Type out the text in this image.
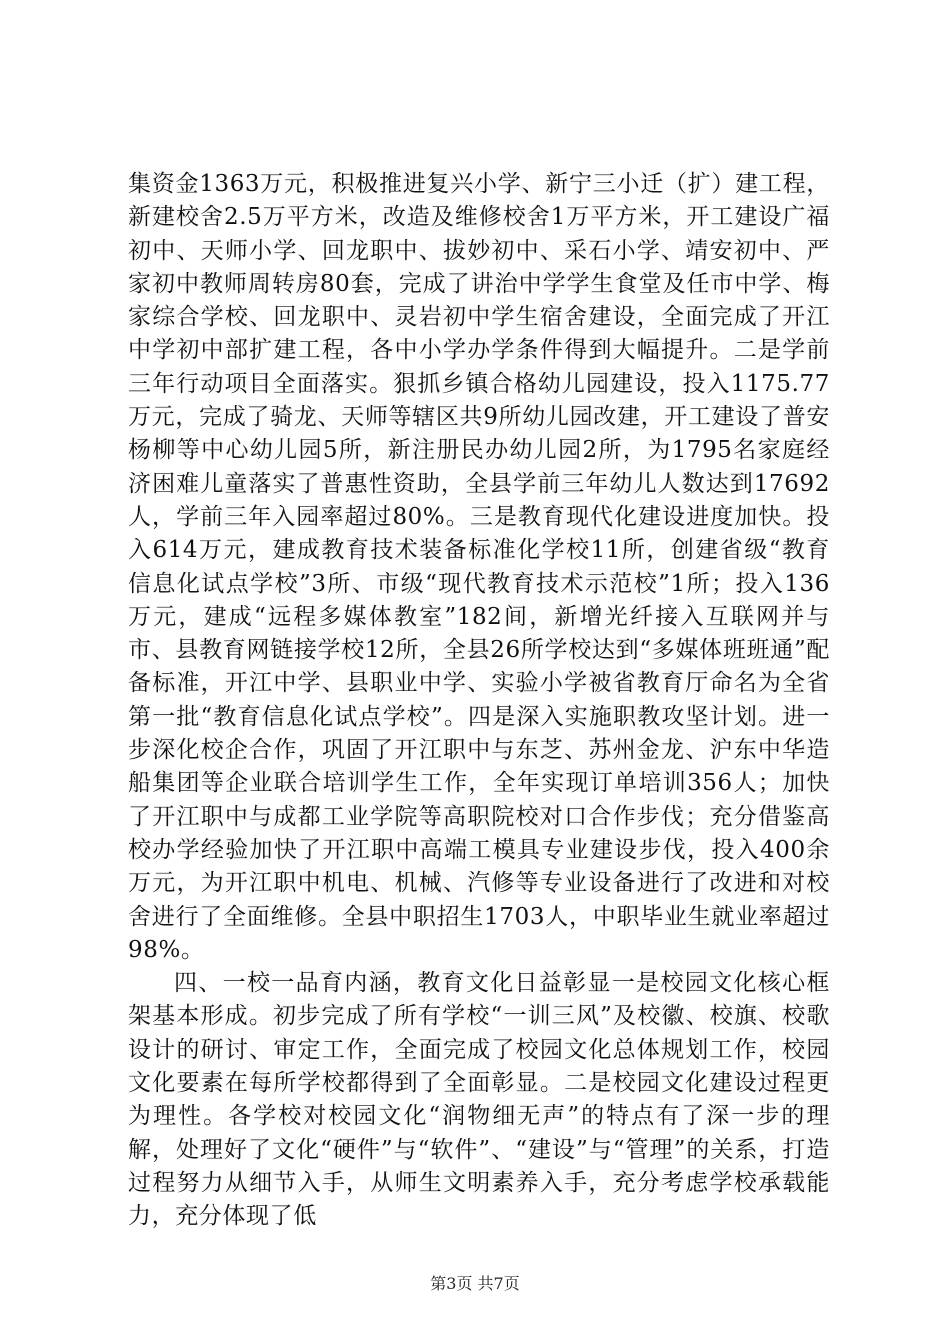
集资金1363万元，积极推进复兴小学、新宁三小迁（扩）建工程，新建校舍2.5万平方米，改造及维修校舍1万平方米，开工建设广福初中、天师小学、回龙职中、拔妙初中、采石小学、靖安初中、严家初中教师周转房80套，完成了讲治中学学生食堂及任市中学、梅家综合学校、回龙职中、灵岩初中学生宿舍建设，全面完成了开江中学初中部扩建工程，各中小学办学条件得到大幅提升。二是学前三年行动项目全面落实。狠抓乡镇合格幼儿园建设，投入1175.77万元，完成了骑龙、天师等辖区共9所幼儿园改建，开工建设了普安杨柳等中心幼儿园5所，新注册民办幼儿园2所，为1795名家庭经济困难儿童落实了普惠性资助，全县学前三年幼儿人数达到17692人，学前三年入园率超过80%。三是教育现代化建设进度加快。投入614万元，建成教育技术装备标准化学校11所，创建省级“教育信息化试点学校”3所、市级“现代教育技术示范校”1所；投入136万元，建成“远程多媒体教室”182间，新增光纤接入互联网并与市、县教育网链接学校12所，全县26所学校达到“多媒体班班通”配备标准，开江中学、县职业中学、实验小学被省教育厅命名为全省第一批“教育信息化试点学校”。四是深入实施职教攻坚计划。进一步深化校企合作，巩固了开江职中与东芝、苏州金龙、沪东中华造船集团等企业联合培训学生工作，全年实现订单培训356人；加快了开江职中与成都工业学院等高职院校对口合作步伐；充分借鉴高校办学经验加快了开江职中高端工模具专业建设步伐，投入400余万元，为开江职中机电、机械、汽修等专业设备进行了改进和对校舍进行了全面维修。全县中职招生1703人，中职毕业生就业率超过98%。

四、一校一品育内涵，教育文化日益彰显一是校园文化核心框架基本形成。初步完成了所有学校“一训三风”及校徽、校旗、校歌设计的研讨、审定工作，全面完成了校园文化总体规划工作，校园文化要素在每所学校都得到了全面彰显。二是校园文化建设过程更为理性。各学校对校园文化“润物细无声”的特点有了深一步的理解，处理好了文化“硬件”与“软件”、“建设”与“管理”的关系，打造过程努力从细节入手，从师生文明素养入手，充分考虑学校承载能力，充分体现了低

第3页 共7页
